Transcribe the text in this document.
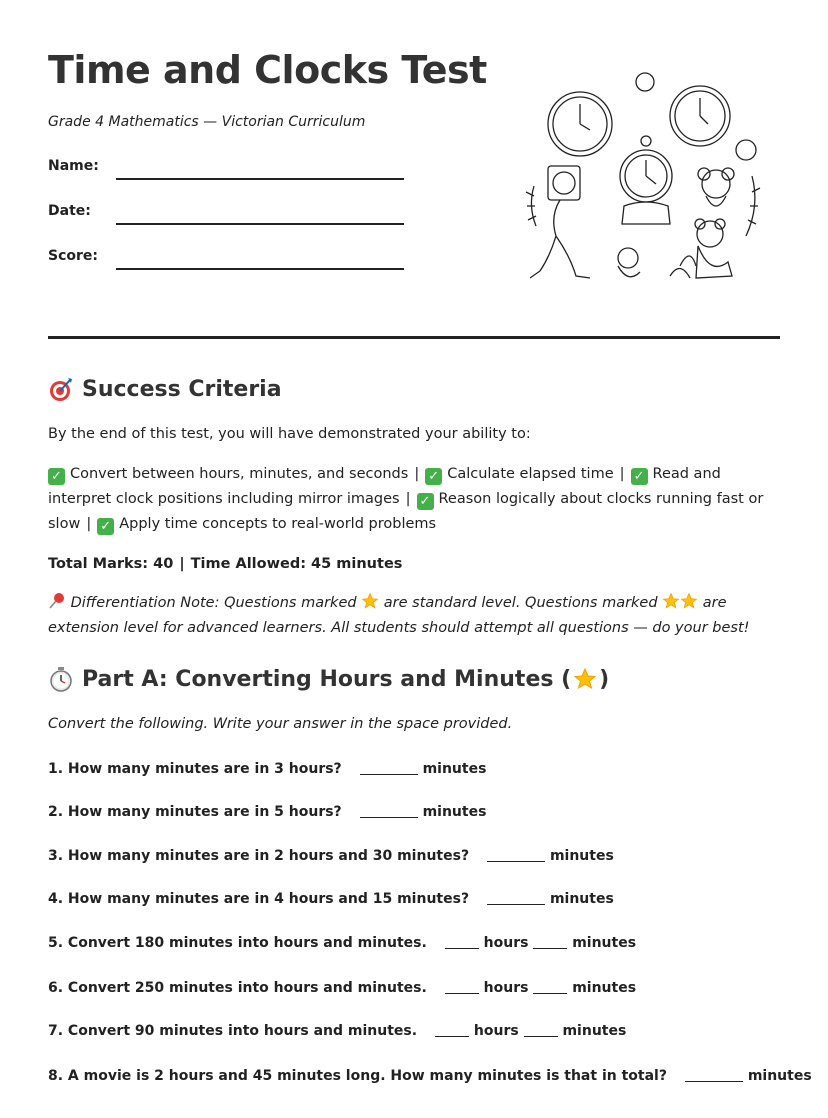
Time and Clocks Test
Grade 4 Mathematics — Victorian Curriculum
Name:
Date:
Score:
Success Criteria
By the end of this test, you will have demonstrated your ability to:
✓ Convert between hours, minutes, and seconds | ✓ Calculate elapsed time | ✓ Read and interpret clock positions including mirror images | ✓ Reason logically about clocks running fast or slow | ✓ Apply time concepts to real-world problems
Total Marks: 40 | Time Allowed: 45 minutes
Differentiation Note: Questions marked are standard level. Questions marked	are extension level for advanced learners. All students should attempt all questions — do your best!
Part A: Converting Hours and Minutes ( )
Convert the following. Write your answer in the space provided.
1. How many minutes are in 3 hours?	minutes
2. How many minutes are in 5 hours?	minutes
3. How many minutes are in 2 hours and 30 minutes?	minutes
4. How many minutes are in 4 hours and 15 minutes?	minutes
5. Convert 180 minutes into hours and minutes.	hours	minutes
6. Convert 250 minutes into hours and minutes.	hours	minutes
7. Convert 90 minutes into hours and minutes.	hours	minutes
8. A movie is 2 hours and 45 minutes long. How many minutes is that in total?	minutes
